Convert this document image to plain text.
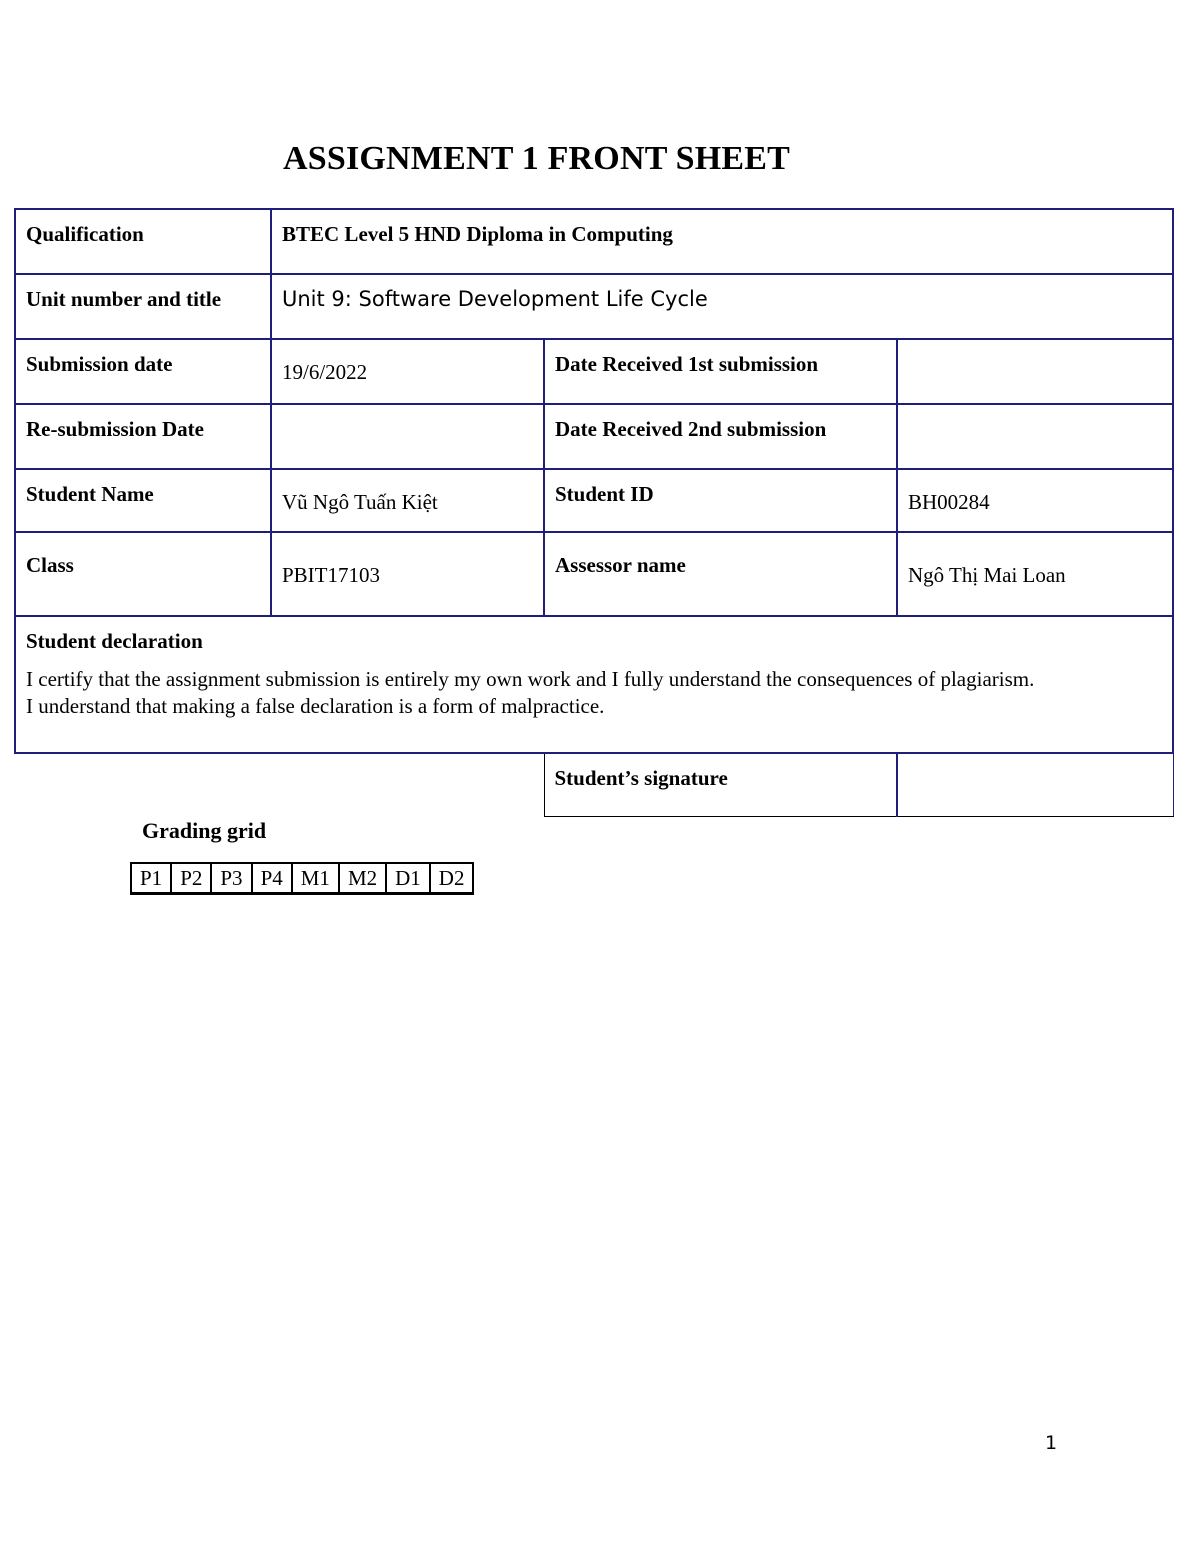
ASSIGNMENT 1 FRONT SHEET
Qualification	BTEC Level 5 HND Diploma in Computing		
Unit number and title	Unit 9: Software Development Life Cycle		
Submission date	19/6/2022	Date Received 1st submission	
Re-submission Date		Date Received 2nd submission	
Student Name	Vũ Ngô Tuấn Kiệt	Student ID	BH00284
Class	PBIT17103	Assessor name	Ngô Thị Mai Loan

Student declaration
I certify that the assignment submission is entirely my own work and I fully understand the consequences of plagiarism.
I understand that making a false declaration is a form of malpractice.			

		Student’s signature	
Grading grid
P1	P2	P3	P4	M1	M2	D1	D2
1
